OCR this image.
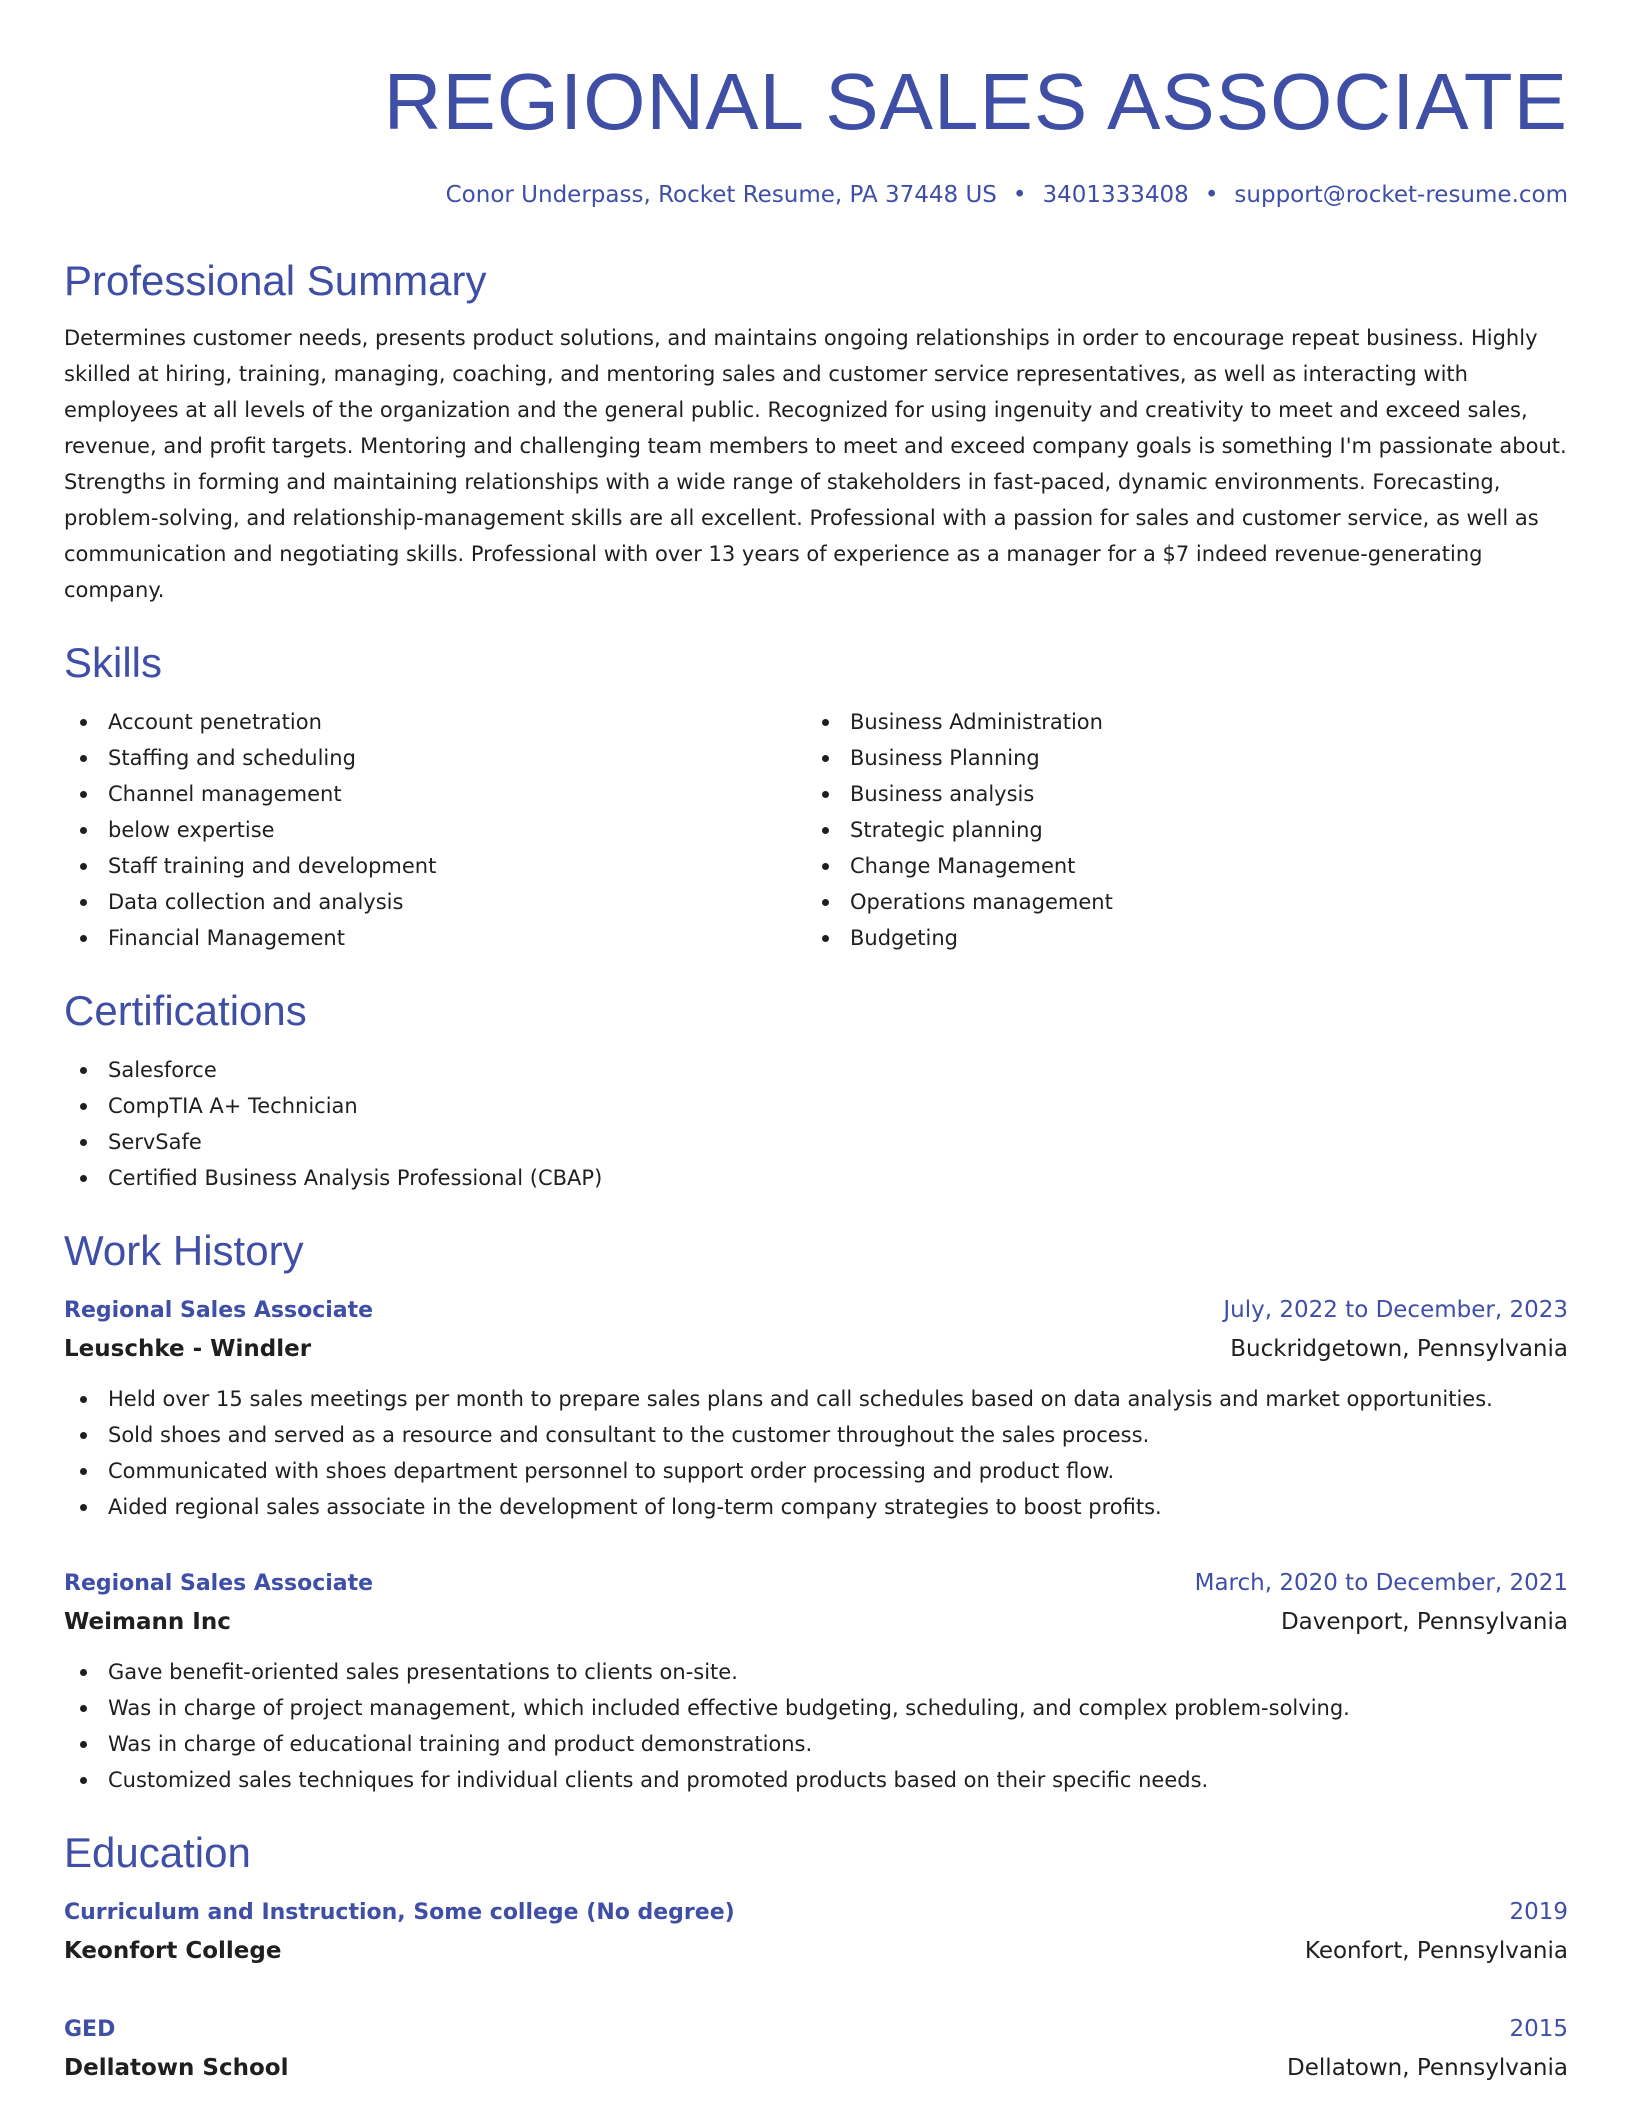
REGIONAL SALES ASSOCIATE
Conor Underpass, Rocket Resume, PA 37448 US • 3401333408 • support@rocket-resume.com
Professional Summary
Determines customer needs, presents product solutions, and maintains ongoing relationships in order to encourage repeat business. Highly skilled at hiring, training, managing, coaching, and mentoring sales and customer service representatives, as well as interacting with employees at all levels of the organization and the general public. Recognized for using ingenuity and creativity to meet and exceed sales, revenue, and profit targets. Mentoring and challenging team members to meet and exceed company goals is something I'm passionate about. Strengths in forming and maintaining relationships with a wide range of stakeholders in fast-paced, dynamic environments. Forecasting, problem-solving, and relationship-management skills are all excellent. Professional with a passion for sales and customer service, as well as communication and negotiating skills. Professional with over 13 years of experience as a manager for a $7 indeed revenue-generating company.
Skills
Account penetration
Staffing and scheduling
Channel management
below expertise
Staff training and development
Data collection and analysis
Financial Management
Business Administration
Business Planning
Business analysis
Strategic planning
Change Management
Operations management
Budgeting
Certifications
Salesforce
CompTIA A+ Technician
ServSafe
Certified Business Analysis Professional (CBAP)
Work History
Regional Sales Associate	July, 2022 to December, 2023
Leuschke - Windler	Buckridgetown, Pennsylvania
Held over 15 sales meetings per month to prepare sales plans and call schedules based on data analysis and market opportunities.
Sold shoes and served as a resource and consultant to the customer throughout the sales process.
Communicated with shoes department personnel to support order processing and product flow.
Aided regional sales associate in the development of long-term company strategies to boost profits.
Regional Sales Associate	March, 2020 to December, 2021
Weimann Inc	Davenport, Pennsylvania
Gave benefit-oriented sales presentations to clients on-site.
Was in charge of project management, which included effective budgeting, scheduling, and complex problem-solving.
Was in charge of educational training and product demonstrations.
Customized sales techniques for individual clients and promoted products based on their specific needs.
Education
Curriculum and Instruction, Some college (No degree)	2019
Keonfort College	Keonfort, Pennsylvania
GED	2015
Dellatown School	Dellatown, Pennsylvania
